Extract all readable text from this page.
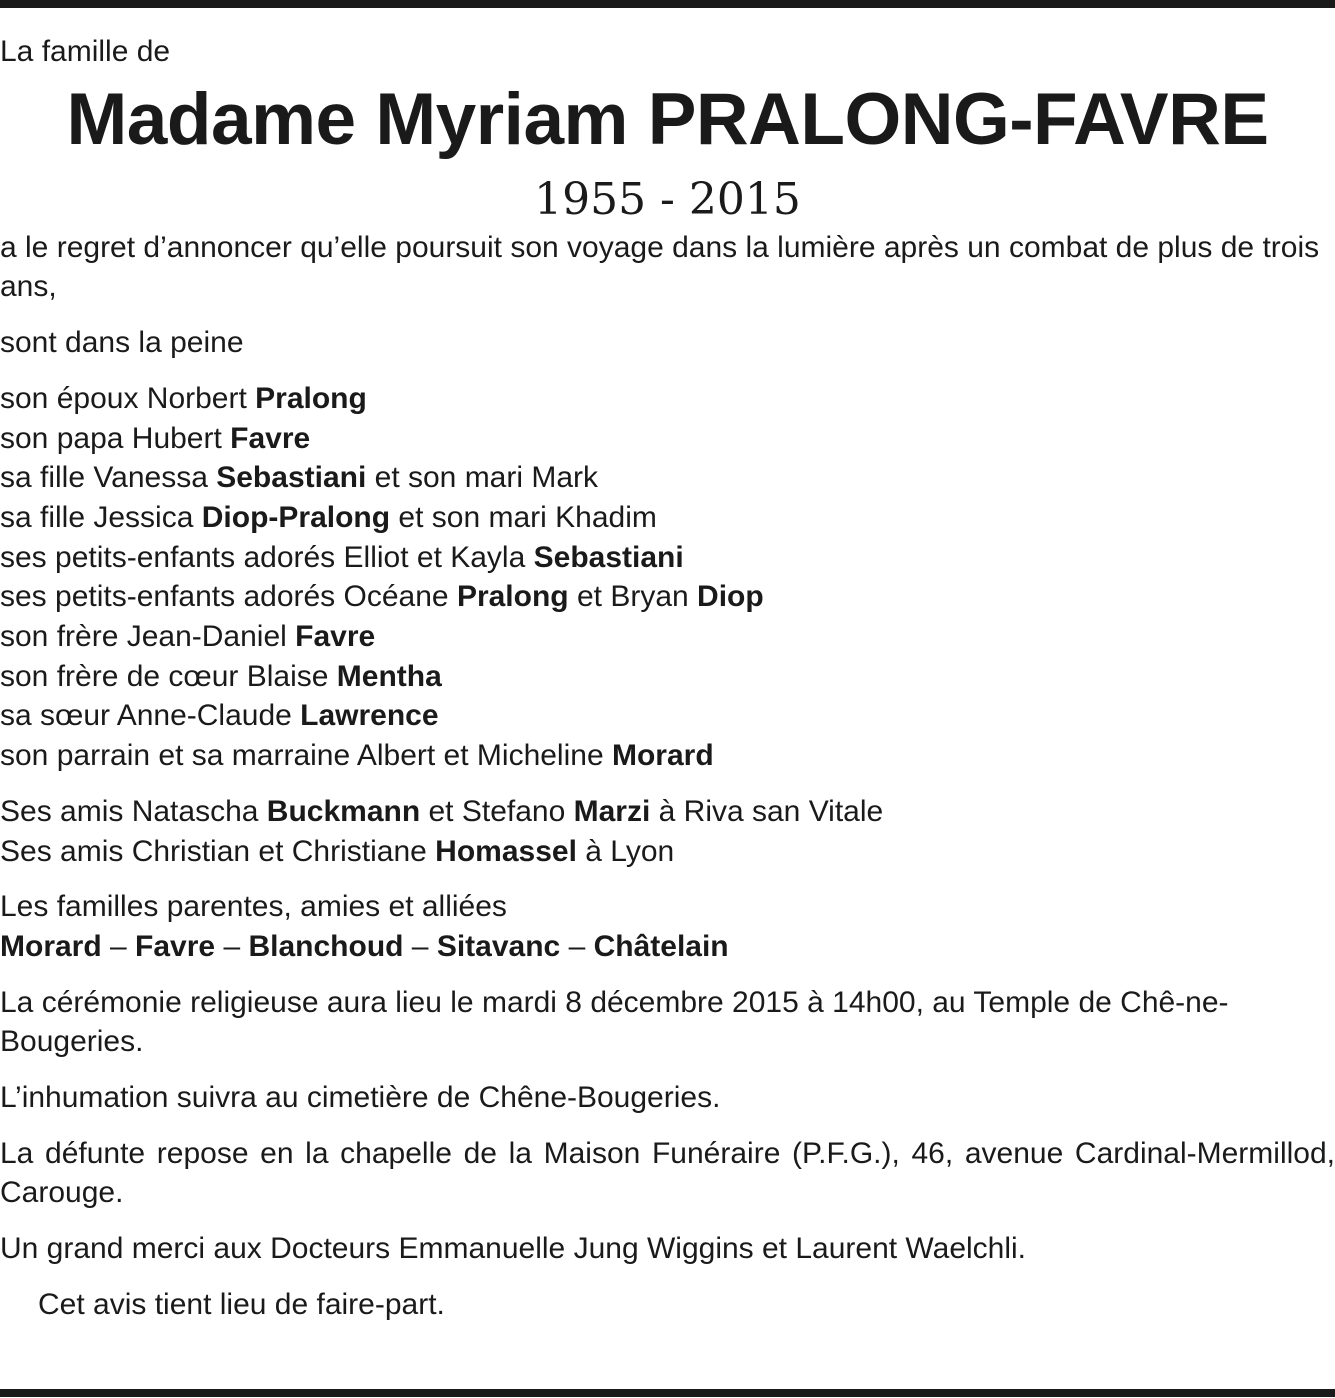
La famille de

Madame Myriam PRALONG-FAVRE

1955 - 2015

a le regret d’annoncer qu’elle poursuit son voyage dans la lumière après un combat de plus de trois ans,

sont dans la peine

son époux Norbert Pralong
son papa Hubert Favre
sa fille Vanessa Sebastiani et son mari Mark
sa fille Jessica Diop-Pralong et son mari Khadim
ses petits-enfants adorés Elliot et Kayla Sebastiani
ses petits-enfants adorés Océane Pralong et Bryan Diop
son frère Jean-Daniel Favre
son frère de cœur Blaise Mentha
sa sœur Anne-Claude Lawrence
son parrain et sa marraine Albert et Micheline Morard
Ses amis Natascha Buckmann et Stefano Marzi à Riva san Vitale
Ses amis Christian et Christiane Homassel à Lyon
Les familles parentes, amies et alliées
Morard – Favre – Blanchoud – Sitavanc – Châtelain

La cérémonie religieuse aura lieu le mardi 8 décembre 2015 à 14h00, au Temple de Chê-ne-Bougeries.

L’inhumation suivra au cimetière de Chêne-Bougeries.

La défunte repose en la chapelle de la Maison Funéraire (P.F.G.), 46, avenue Cardinal-Mermillod, Carouge.

Un grand merci aux Docteurs Emmanuelle Jung Wiggins et Laurent Waelchli.

Cet avis tient lieu de faire-part.
